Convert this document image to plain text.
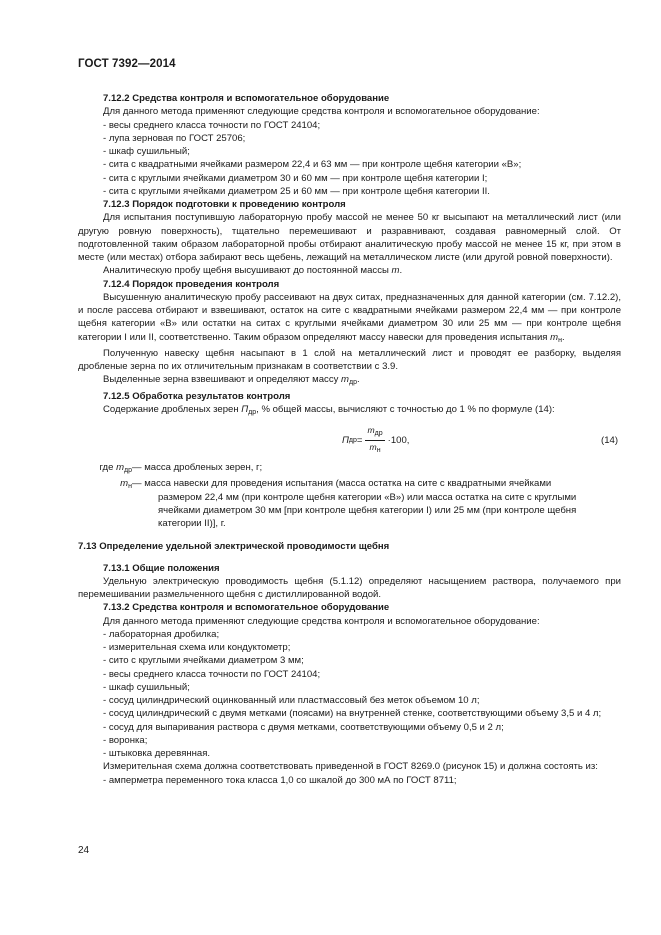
ГОСТ 7392—2014

7.12.2 Средства контроля и вспомогательное оборудование

Для данного метода применяют следующие средства контроля и вспомогательное оборудование:

- весы среднего класса точности по ГОСТ 24104;

- лупа зерновая по ГОСТ 25706;

- шкаф сушильный;

- сита с квадратными ячейками размером 22,4 и 63 мм — при контроле щебня категории «В»;

- сита с круглыми ячейками диаметром 30 и 60 мм — при контроле щебня категории I;

- сита с круглыми ячейками диаметром 25 и 60 мм — при контроле щебня категории II.

7.12.3 Порядок подготовки к проведению контроля

Для испытания поступившую лабораторную пробу массой не менее 50 кг высыпают на металлический лист (или другую ровную поверхность), тщательно перемешивают и разравнивают, создавая равномерный слой. От подготовленной таким образом лабораторной пробы отбирают аналитическую пробу массой не менее 15 кг, при этом в месте (или местах) отбора забирают весь щебень, лежащий на металлическом листе (или другой ровной поверхности).

Аналитическую пробу щебня высушивают до постоянной массы m.

7.12.4 Порядок проведения контроля

Высушенную аналитическую пробу рассеивают на двух ситах, предназначенных для данной категории (см. 7.12.2), и после рассева отбирают и взвешивают, остаток на сите с квадратными ячейками размером 22,4 мм — при контроле щебня категории «В» или остатки на ситах с круглыми ячейками диаметром 30 или 25 мм — при контроле щебня категории I или II, соответственно. Таким образом определяют массу навески для проведения испытания $m_н$.

Полученную навеску щебня насыпают в 1 слой на металлический лист и проводят ее разборку, выделяя дробленые зерна по их отличительным признакам в соответствии с 3.9.

Выделенные зерна взвешивают и определяют массу $m_{др}$.

7.12.5 Обработка результатов контроля

Содержание дробленых зерен $П_{др}$, % общей массы, вычисляют с точностью до 1 % по формуле (14):

П др = $\frac{m_{др}}{m_н} \cdot 100$,	(14)
где $m_{др}$ — масса дробленых зерен, г;
$m_н$ — масса навески для проведения испытания (масса остатка на сите с квадратными ячейками
размером 22,4 мм (при контроле щебня категории «В») или масса остатка на сите с круглыми ячейками диаметром 30 мм [при контроле щебня категории I) или 25 мм (при контроле щебня категории II)], г.

7.13 Определение удельной электрической проводимости щебня

7.13.1 Общие положения

Удельную электрическую проводимость щебня (5.1.12) определяют насыщением раствора, получаемого при перемешивании размельченного щебня с дистиллированной водой.

7.13.2 Средства контроля и вспомогательное оборудование

Для данного метода применяют следующие средства контроля и вспомогательное оборудование:

- лабораторная дробилка;

- измерительная схема или кондуктометр;

- сито с круглыми ячейками диаметром 3 мм;

- весы среднего класса точности по ГОСТ 24104;

- шкаф сушильный;

- сосуд цилиндрический оцинкованный или пластмассовый без меток объемом 10 л;

- сосуд цилиндрический с двумя метками (поясами) на внутренней стенке, соответствующими объему 3,5 и 4 л;

- сосуд для выпаривания раствора с двумя метками, соответствующими объему 0,5 и 2 л;

- воронка;

- штыковка деревянная.

Измерительная схема должна соответствовать приведенной в ГОСТ 8269.0 (рисунок 15) и должна состоять из:

- амперметра переменного тока класса 1,0 со шкалой до 300 мА по ГОСТ 8711;

24
